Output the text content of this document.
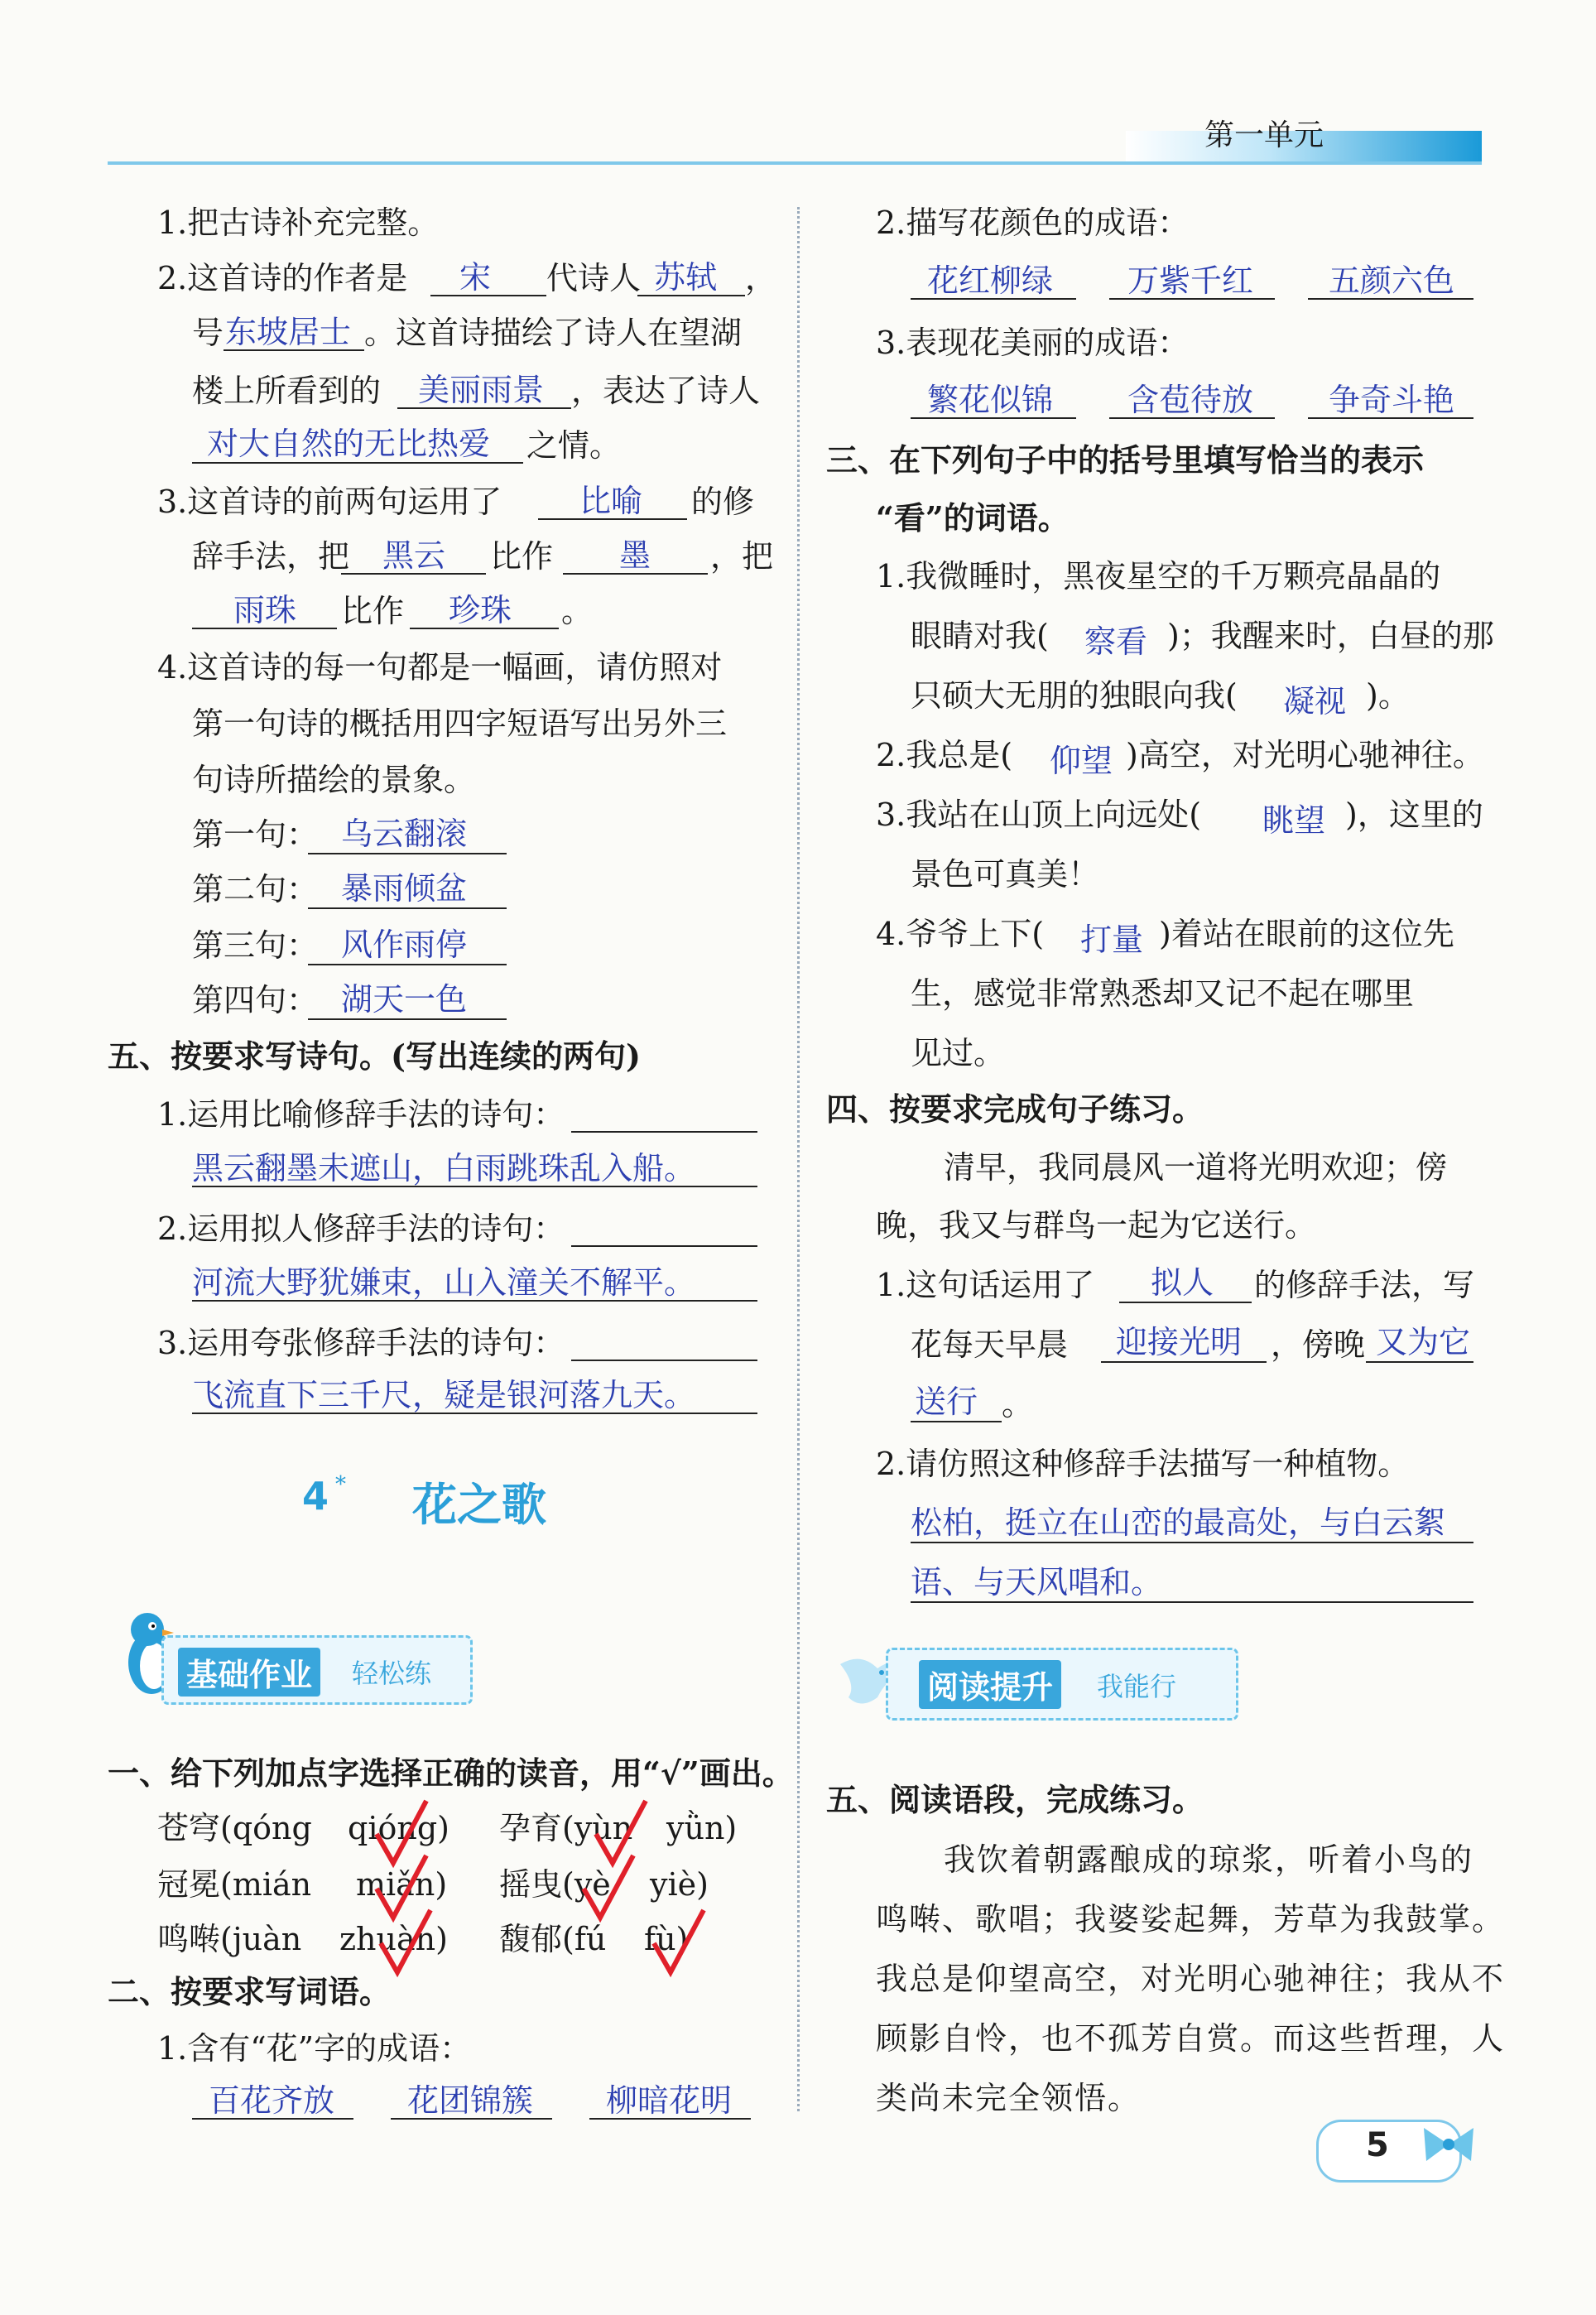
第一单元
1.把古诗补充完整。
2.这首诗的作者是 宋 代诗人 苏轼 ，
号 东坡居士 。这首诗描绘了诗人在望湖
楼上所看到的 美丽雨景 ，表达了诗人
对大自然的无比热爱 之情。
3.这首诗的前两句运用了 比喻 的修
辞手法，把 黑云 比作 墨 ，把
雨珠 比作 珍珠 。
4.这首诗的每一句都是一幅画，请仿照对
第一句诗的概括用四字短语写出另外三
句诗所描绘的景象。
第一句： 乌云翻滚
第二句： 暴雨倾盆
第三句： 风作雨停
第四句： 湖天一色
五、按要求写诗句。(写出连续的两句)
1.运用比喻修辞手法的诗句：
黑云翻墨未遮山，白雨跳珠乱入船。
2.运用拟人修辞手法的诗句：
河流大野犹嫌束，山入潼关不解平。
3.运用夸张修辞手法的诗句：
飞流直下三千尺，疑是银河落九天。
4 * 花之歌
基础作业	轻松练
一、给下列加点字选择正确的读音，用“√”画出。
苍穹(qóng qióng) 孕育(yùn yǜn)
冠冕(mián miǎn) 摇曳(yè yiè)
鸣啭(juàn zhuàn) 馥郁(fú fù)
二、按要求写词语。
1.含有“花”字的成语：
百花齐放 花团锦簇 柳暗花明
2.描写花颜色的成语：
花红柳绿 万紫千红 五颜六色
3.表现花美丽的成语：
繁花似锦 含苞待放 争奇斗艳
三、在下列句子中的括号里填写恰当的表示
“看”的词语。
1.我微睡时，黑夜星空的千万颗亮晶晶的
眼睛对我( 察看 )；我醒来时，白昼的那
只硕大无朋的独眼向我( 凝视 )。
2.我总是( 仰望 )高空，对光明心驰神往。
3.我站在山顶上向远处( 眺望 )，这里的
景色可真美！
4.爷爷上下( 打量 )着站在眼前的这位先
生，感觉非常熟悉却又记不起在哪里
见过。
四、按要求完成句子练习。
清早，我同晨风一道将光明欢迎；傍
晚，我又与群鸟一起为它送行。
1.这句话运用了 拟人 的修辞手法，写
花每天早晨 迎接光明 ，傍晚 又为它
送行 。
2.请仿照这种修辞手法描写一种植物。
松柏，挺立在山峦的最高处，与白云絮
语、与天风唱和。
阅读提升	我能行
五、阅读语段，完成练习。
我饮着朝露酿成的琼浆，听着小鸟的
鸣啭、歌唱；我婆娑起舞，芳草为我鼓掌。
我总是仰望高空，对光明心驰神往；我从不
顾影自怜，也不孤芳自赏。而这些哲理，人
类尚未完全领悟。
5
